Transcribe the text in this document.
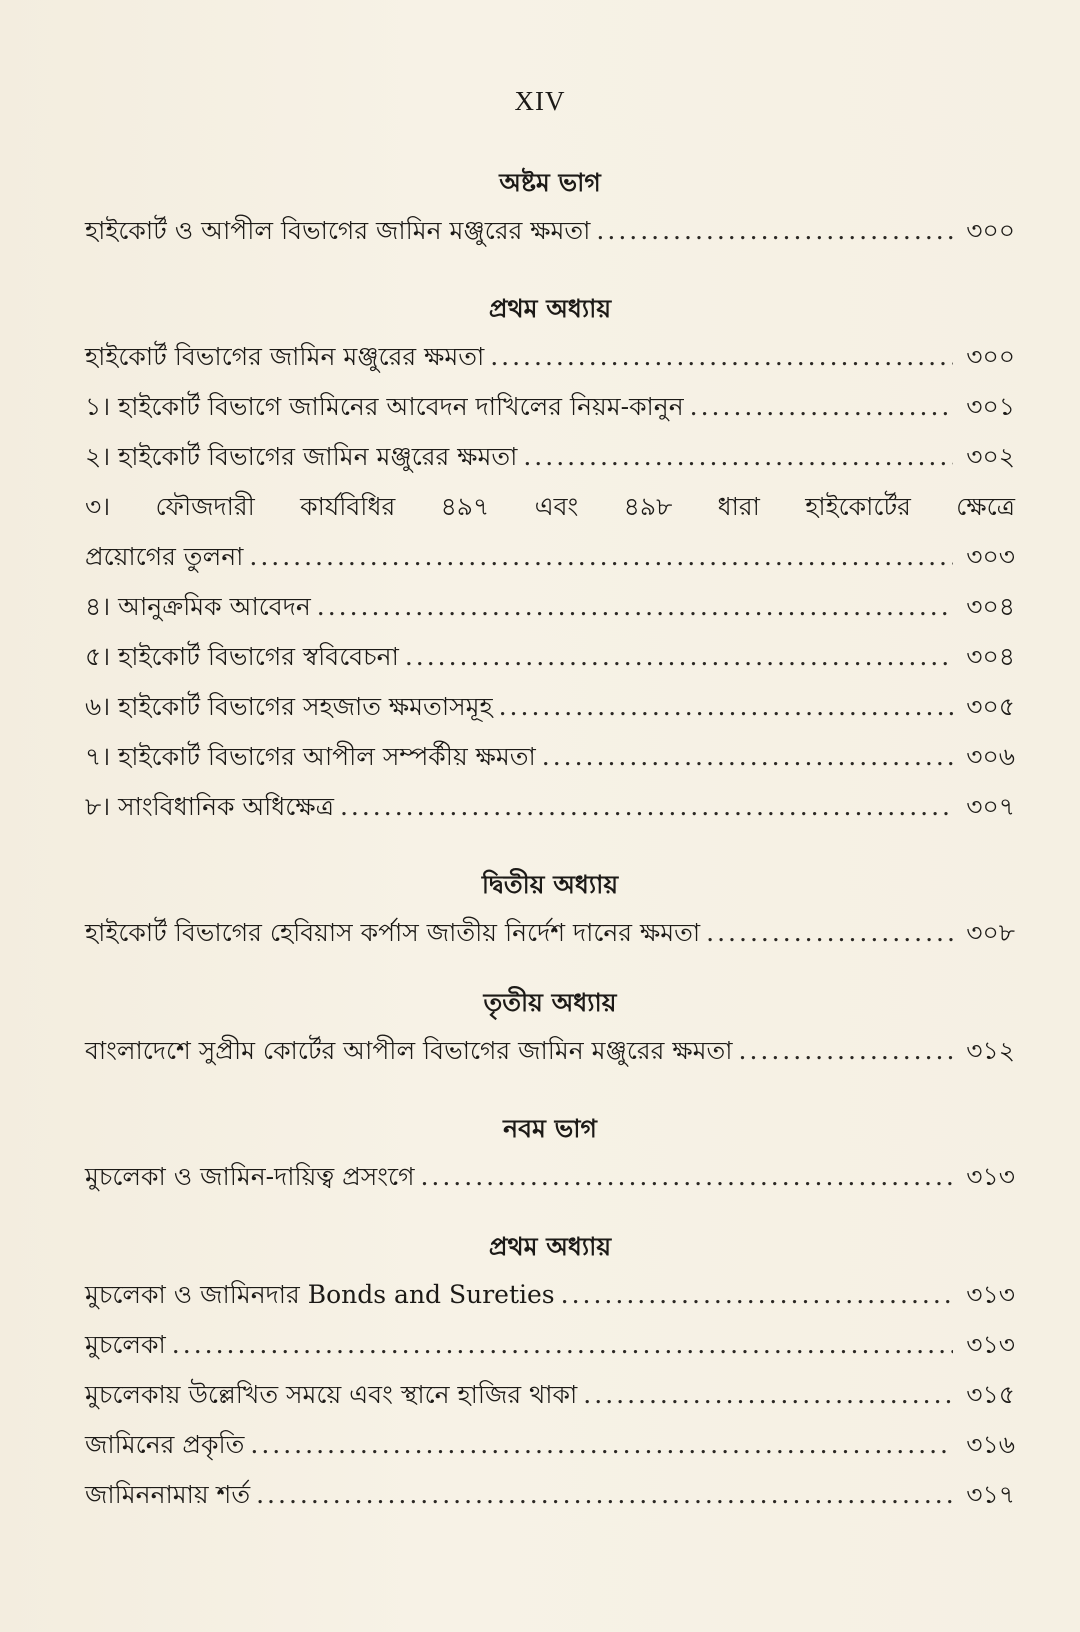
XIV
অষ্টম ভাগ
হাইকোর্ট ও আপীল বিভাগের জামিন মঞ্জুরের ক্ষমতা .....	৩০০
প্রথম অধ্যায়
হাইকোর্ট বিভাগের জামিন মঞ্জুরের ক্ষমতা .....	৩০০
১। হাইকোর্ট বিভাগে জামিনের আবেদন দাখিলের নিয়ম-কানুন .....	৩০১
২। হাইকোর্ট বিভাগের জামিন মঞ্জুরের ক্ষমতা .....	৩০২
৩। ফৌজদারী কার্যবিধির ৪৯৭ এবং ৪৯৮ ধারা হাইকোর্টের ক্ষেত্রে
প্রয়োগের তুলনা .....	৩০৩
৪। আনুক্রমিক আবেদন .....	৩০৪
৫। হাইকোর্ট বিভাগের স্ববিবেচনা .....	৩০৪
৬। হাইকোর্ট বিভাগের সহজাত ক্ষমতাসমূহ .....	৩০৫
৭। হাইকোর্ট বিভাগের আপীল সম্পর্কীয় ক্ষমতা .....	৩০৬
৮। সাংবিধানিক অধিক্ষেত্র .....	৩০৭
দ্বিতীয় অধ্যায়
হাইকোর্ট বিভাগের হেবিয়াস কর্পাস জাতীয় নির্দেশ দানের ক্ষমতা .....	৩০৮
তৃতীয় অধ্যায়
বাংলাদেশে সুপ্রীম কোর্টের আপীল বিভাগের জামিন মঞ্জুরের ক্ষমতা .....	৩১২
নবম ভাগ
মুচলেকা ও জামিন-দায়িত্ব প্রসংগে .....	৩১৩
প্রথম অধ্যায়
মুচলেকা ও জামিনদার Bonds and Sureties .....	৩১৩
মুচলেকা .....	৩১৩
মুচলেকায় উল্লেখিত সময়ে এবং স্থানে হাজির থাকা .....	৩১৫
জামিনের প্রকৃতি .....	৩১৬
জামিননামায় শর্ত .....	৩১৭
